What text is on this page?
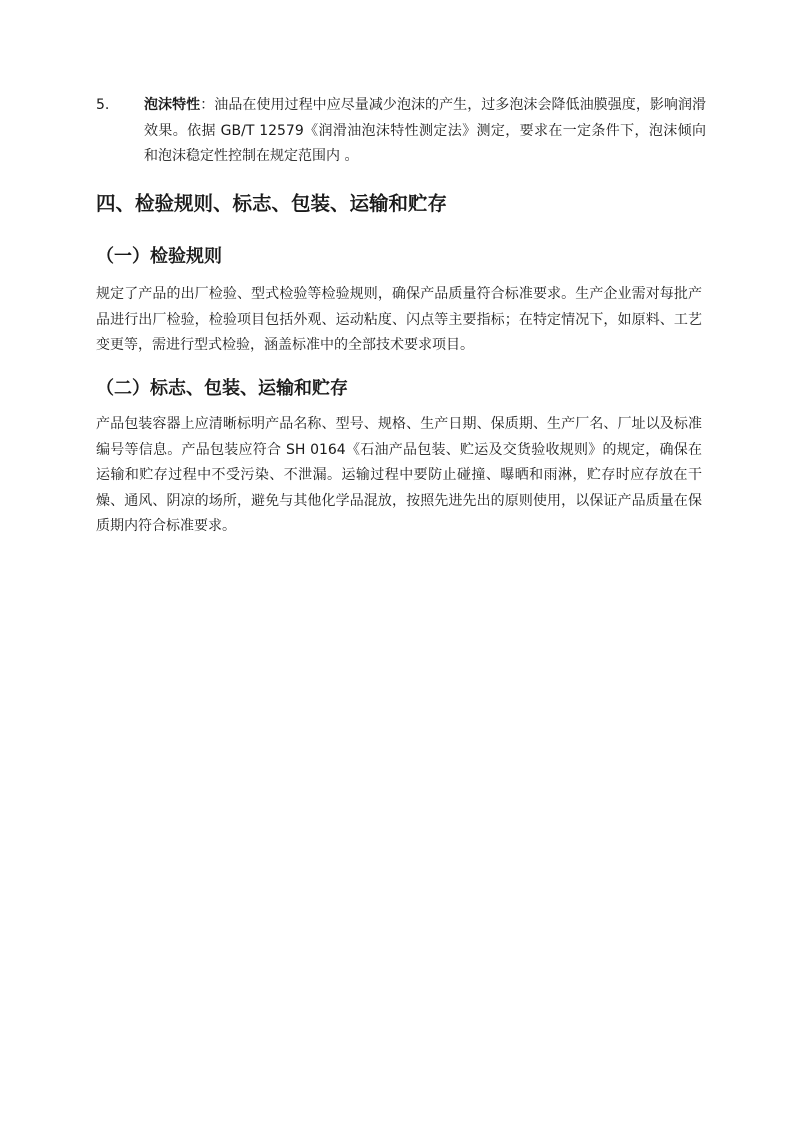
5. 泡沫特性：油品在使用过程中应尽量减少泡沫的产生，过多泡沫会降低油膜强度，影响润滑效果。依据 GB/T 12579《润滑油泡沫特性测定法》测定，要求在一定条件下，泡沫倾向和泡沫稳定性控制在规定范围内 。
四、检验规则、标志、包装、运输和贮存
（一）检验规则

规定了产品的出厂检验、型式检验等检验规则，确保产品质量符合标准要求。生产企业需对每批产品进行出厂检验，检验项目包括外观、运动粘度、闪点等主要指标；在特定情况下，如原料、工艺变更等，需进行型式检验，涵盖标准中的全部技术要求项目。

（二）标志、包装、运输和贮存

产品包装容器上应清晰标明产品名称、型号、规格、生产日期、保质期、生产厂名、厂址以及标准编号等信息。产品包装应符合 SH 0164《石油产品包装、贮运及交货验收规则》的规定，确保在运输和贮存过程中不受污染、不泄漏。运输过程中要防止碰撞、曝晒和雨淋，贮存时应存放在干燥、通风、阴凉的场所，避免与其他化学品混放，按照先进先出的原则使用，以保证产品质量在保质期内符合标准要求。
